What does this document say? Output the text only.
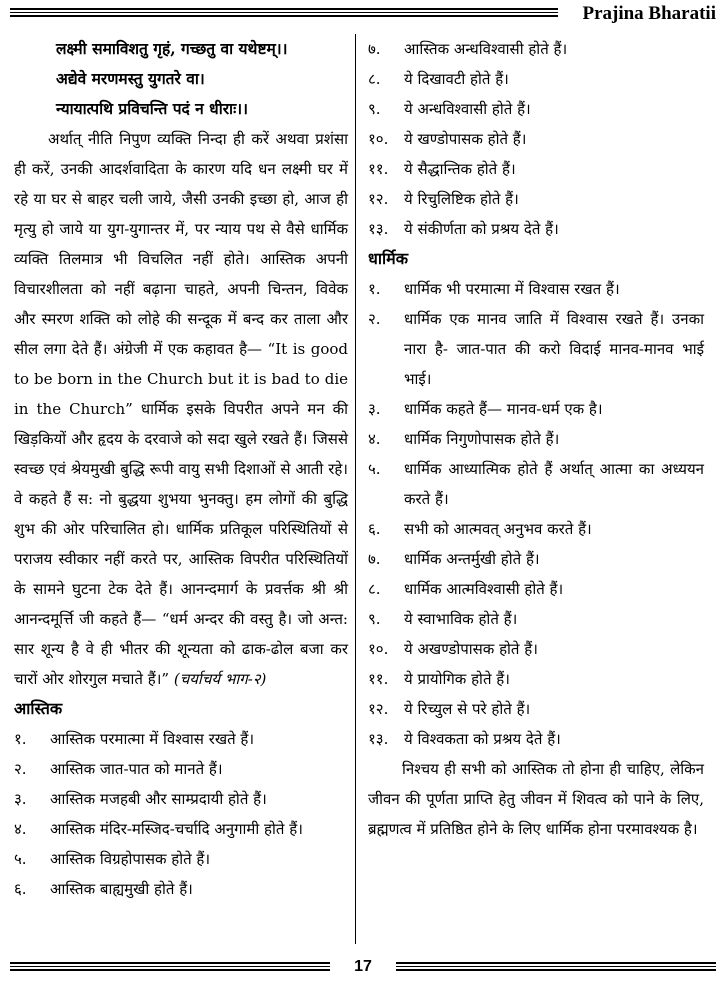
Prajina Bharatii
लक्ष्मी समाविशतु गृहं, गच्छतु वा यथेष्टम्।।
अद्येवे मरणमस्तु युगतरे वा।
न्यायात्पथि प्रविचन्ति पदं न धीराः।।

अर्थात् नीति निपुण व्यक्ति निन्दा ही करें अथवा प्रशंसा ही करें, उनकी आदर्शवादिता के कारण यदि धन लक्ष्मी घर में रहे या घर से बाहर चली जाये, जैसी उनकी इच्छा हो, आज ही मृत्यु हो जाये या युग-युगान्तर में, पर न्याय पथ से वैसे धार्मिक व्यक्ति तिलमात्र भी विचलित नहीं होते। आस्तिक अपनी विचारशीलता को नहीं बढ़ाना चाहते, अपनी चिन्तन, विवेक और स्मरण शक्ति को लोहे की सन्दूक में बन्द कर ताला और सील लगा देते हैं। अंग्रेजी में एक कहावत है— “It is good to be born in the Church but it is bad to die in the Church” धार्मिक इसके विपरीत अपने मन की खिड़कियों और हृदय के दरवाजे को सदा खुले रखते हैं। जिससे स्वच्छ एवं श्रेयमुखी बुद्धि रूपी वायु सभी दिशाओं से आती रहे। वे कहते हैं स: नो बुद्धया शुभया भुनक्तु। हम लोगों की बुद्धि शुभ की ओर परिचालित हो। धार्मिक प्रतिकूल परिस्थितियों से पराजय स्वीकार नहीं करते पर, आस्तिक विपरीत परिस्थितियों के सामने घुटना टेक देते हैं। आनन्दमार्ग के प्रवर्त्तक श्री श्री आनन्दमूर्त्ति जी कहते हैं— “धर्म अन्दर की वस्तु है। जो अन्त: सार शून्य है वे ही भीतर की शून्यता को ढाक-ढोल बजा कर चारों ओर शोरगुल मचाते हैं।” (चर्याचर्य भाग-२)

आस्तिक

१.	आस्तिक परमात्मा में विश्वास रखते हैं।
२.	आस्तिक जात-पात को मानते हैं।
३.	आस्तिक मजहबी और साम्प्रदायी होते हैं।
४.	आस्तिक मंदिर-मस्जिद-चर्चादि अनुगामी होते हैं।
५.	आस्तिक विग्रहोपासक होते हैं।
६.	आस्तिक बाह्यमुखी होते हैं।
७.	आस्तिक अन्धविश्वासी होते हैं।
८.	ये दिखावटी होते हैं।
९.	ये अन्धविश्वासी होते हैं।
१०.	ये खण्डोपासक होते हैं।
११.	ये सैद्धान्तिक होते हैं।
१२.	ये रिचुलिष्टिक होते हैं।
१३.	ये संकीर्णता को प्रश्रय देते हैं।

धार्मिक

१.	धार्मिक भी परमात्मा में विश्वास रखत हैं।
२.	धार्मिक एक मानव जाति में विश्वास रखते हैं। उनका नारा है- जात-पात की करो विदाई मानव-मानव भाई भाई।
३.	धार्मिक कहते हैं— मानव-धर्म एक है।
४.	धार्मिक निगुणोपासक होते हैं।
५.	धार्मिक आध्यात्मिक होते हैं अर्थात् आत्मा का अध्ययन करते हैं।
६.	सभी को आत्मवत् अनुभव करते हैं।
७.	धार्मिक अन्तर्मुखी होते हैं।
८.	धार्मिक आत्मविश्वासी होते हैं।
९.	ये स्वाभाविक होते हैं।
१०.	ये अखण्डोपासक होते हैं।
११.	ये प्रायोगिक होते हैं।
१२.	ये रिच्युल से परे होते हैं।
१३.	ये विश्वकता को प्रश्रय देते हैं।

निश्चय ही सभी को आस्तिक तो होना ही चाहिए, लेकिन जीवन की पूर्णता प्राप्ति हेतु जीवन में शिवत्व को पाने के लिए, ब्रह्मणत्व में प्रतिष्ठित होने के लिए धार्मिक होना परमावश्यक है।

17
